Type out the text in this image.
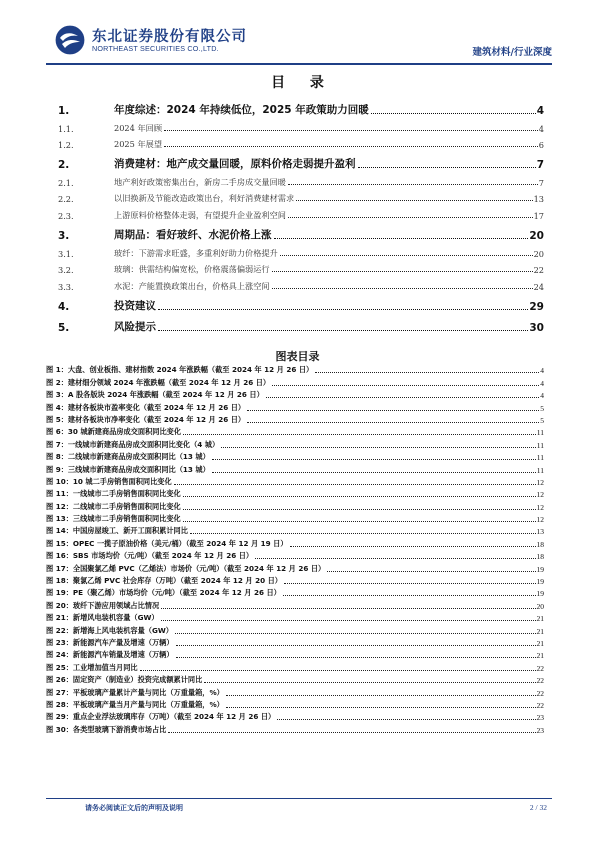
东北证券股份有限公司
NORTHEAST SECURITIES CO.,LTD.	建筑材料/行业深度
目 录
1.	年度综述：2024 年持续低位，2025 年政策助力回暖	4
1.1.	2024 年回顾	4
1.2.	2025 年展望	6
2.	消费建材：地产成交量回暖，原料价格走弱提升盈利	7
2.1.	地产利好政策密集出台，新房二手房成交量回暖	7
2.2.	以旧换新及节能改造政策出台，利好消费建材需求	13
2.3.	上游原料价格整体走弱，有望提升企业盈利空间	17
3.	周期品：看好玻纤、水泥价格上涨	20
3.1.	玻纤：下游需求旺盛，多重利好助力价格提升	20
3.2.	玻璃：供需结构偏宽松，价格震荡偏弱运行	22
3.3.	水泥：产能置换政策出台，价格具上涨空间	24
4.	投资建议	29
5.	风险提示	30
图表目录
图 1：大盘、创业板指、建材指数 2024 年涨跌幅（截至 2024 年 12 月 26 日）	4
图 2：建材细分领域 2024 年涨跌幅（截至 2024 年 12 月 26 日）	4
图 3：A 股各版块 2024 年涨跌幅（截至 2024 年 12 月 26 日）	4
图 4：建材各板块市盈率变化（截至 2024 年 12 月 26 日）	5
图 5：建材各板块市净率变化（截至 2024 年 12 月 26 日）	5
图 6：30 城新建商品房成交面积同比变化	11
图 7：一线城市新建商品房成交面积同比变化（4 城）	11
图 8：二线城市新建商品房成交面积同比（13 城）	11
图 9：三线城市新建商品房成交面积同比（13 城）	11
图 10：10 城二手房销售面积同比变化	12
图 11：一线城市二手房销售面积同比变化	12
图 12：二线城市二手房销售面积同比变化	12
图 13：三线城市二手房销售面积同比变化	12
图 14：中国房屋竣工、新开工面积累计同比	13
图 15：OPEC 一揽子原油价格（美元/桶）（截至 2024 年 12 月 19 日）	18
图 16：SBS 市场均价（元/吨）（截至 2024 年 12 月 26 日）	18
图 17：全国聚氯乙烯 PVC（乙烯法）市场价（元/吨）（截至 2024 年 12 月 26 日）	19
图 18：聚氯乙烯 PVC 社会库存（万吨）（截至 2024 年 12 月 20 日）	19
图 19：PE（聚乙烯）市场均价（元/吨）（截至 2024 年 12 月 26 日）	19
图 20：玻纤下游应用领域占比情况	20
图 21：新增风电装机容量（GW）	21
图 22：新增海上风电装机容量（GW）	21
图 23：新能源汽车产量及增速（万辆）	21
图 24：新能源汽车销量及增速（万辆）	21
图 25：工业增加值当月同比	22
图 26：固定资产（制造业）投资完成额累计同比	22
图 27：平板玻璃产量累计产量与同比（万重量箱，%）	22
图 28：平板玻璃产量当月产量与同比（万重量箱，%）	22
图 29：重点企业浮法玻璃库存（万吨）（截至 2024 年 12 月 26 日）	23
图 30：各类型玻璃下游消费市场占比	23
请务必阅读正文后的声明及说明	2 / 32
